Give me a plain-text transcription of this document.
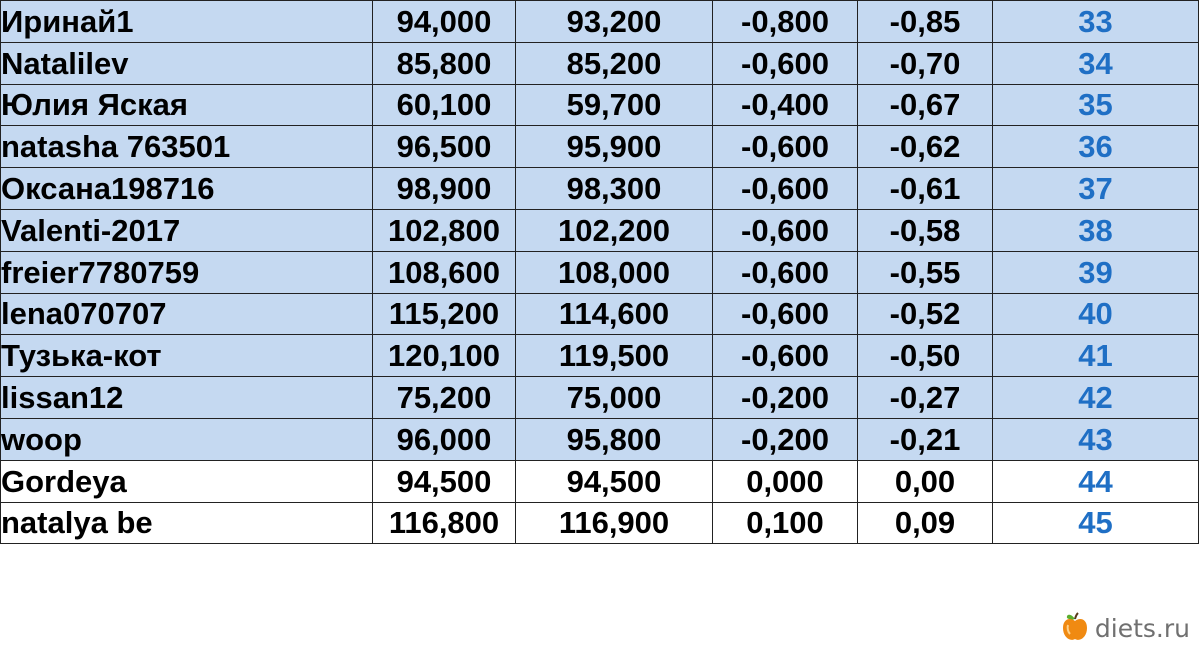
Иринай1	94,000	93,200	-0,800	-0,85	33
Natalilev	85,800	85,200	-0,600	-0,70	34
Юлия Яская	60,100	59,700	-0,400	-0,67	35
natasha 763501	96,500	95,900	-0,600	-0,62	36
Оксана198716	98,900	98,300	-0,600	-0,61	37
Valenti-2017	102,800	102,200	-0,600	-0,58	38
freier7780759	108,600	108,000	-0,600	-0,55	39
lena070707	115,200	114,600	-0,600	-0,52	40
Тузька-кот	120,100	119,500	-0,600	-0,50	41
lissan12	75,200	75,000	-0,200	-0,27	42
woop	96,000	95,800	-0,200	-0,21	43
Gordeya	94,500	94,500	0,000	0,00	44
natalya be	116,800	116,900	0,100	0,09	45
diets.ru
